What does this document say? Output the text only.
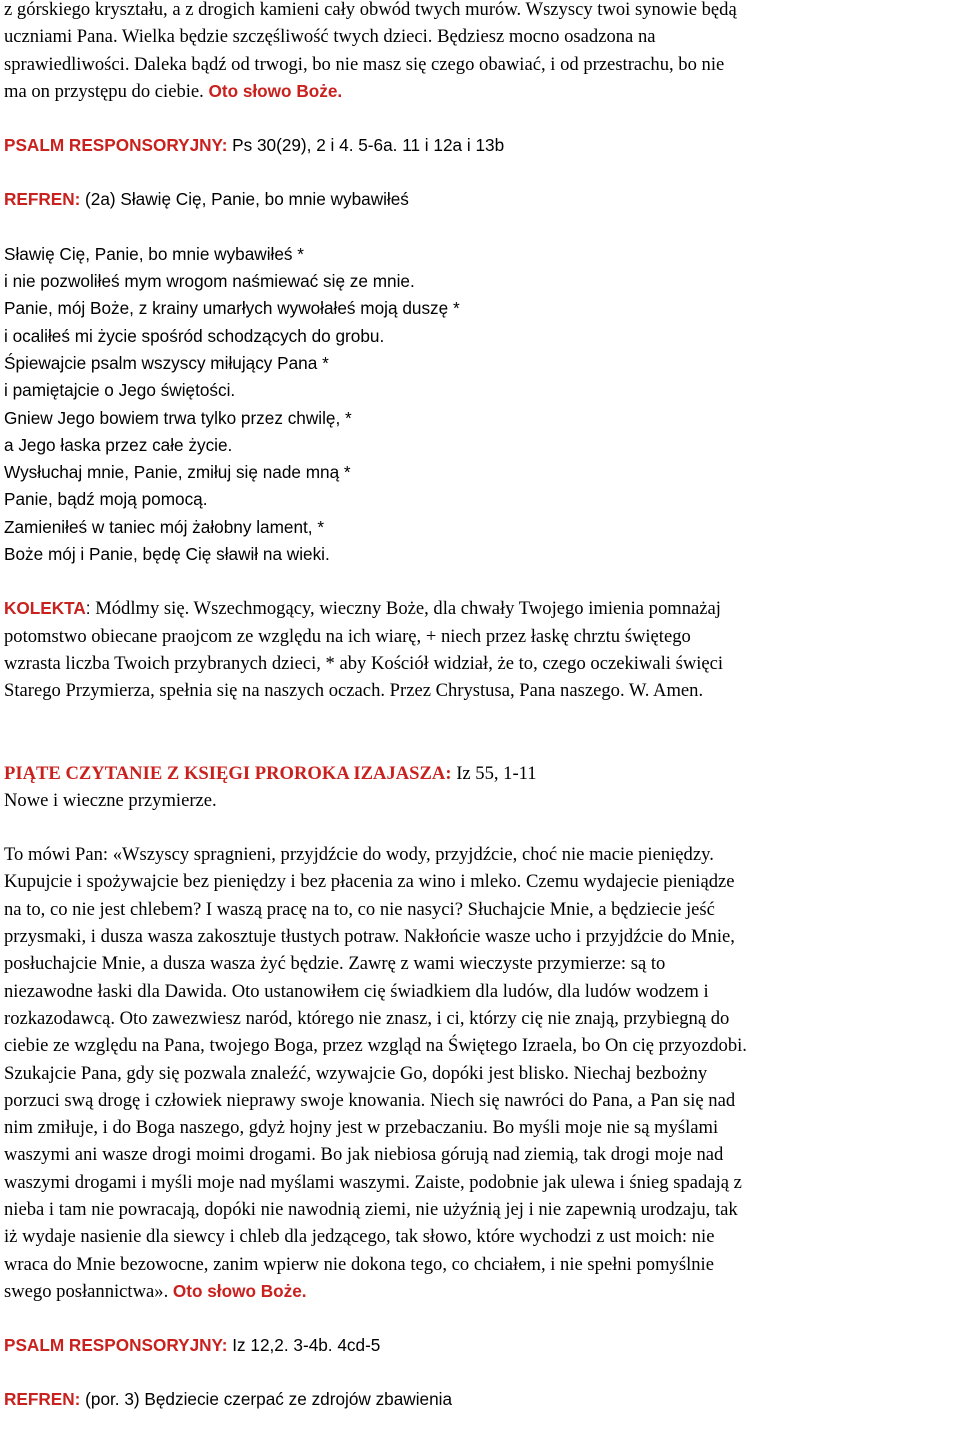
z górskiego kryształu, a z drogich kamieni cały obwód twych murów. Wszyscy twoi synowie będą
uczniami Pana. Wielka będzie szczęśliwość twych dzieci. Będziesz mocno osadzona na
sprawiedliwości. Daleka bądź od trwogi, bo nie masz się czego obawiać, i od przestrachu, bo nie
ma on przystępu do ciebie. Oto słowo Boże.
PSALM RESPONSORYJNY: Ps 30(29), 2 i 4. 5-6a. 11 i 12a i 13b
REFREN: (2a) Sławię Cię, Panie, bo mnie wybawiłeś
Sławię Cię, Panie, bo mnie wybawiłeś *
i nie pozwoliłeś mym wrogom naśmiewać się ze mnie.
Panie, mój Boże, z krainy umarłych wywołałeś moją duszę *
i ocaliłeś mi życie spośród schodzących do grobu.
Śpiewajcie psalm wszyscy miłujący Pana *
i pamiętajcie o Jego świętości.
Gniew Jego bowiem trwa tylko przez chwilę, *
a Jego łaska przez całe życie.
Wysłuchaj mnie, Panie, zmiłuj się nade mną *
Panie, bądź moją pomocą.
Zamieniłeś w taniec mój żałobny lament, *
Boże mój i Panie, będę Cię sławił na wieki.
KOLEKTA: Módlmy się. Wszechmogący, wieczny Boże, dla chwały Twojego imienia pomnażaj
potomstwo obiecane praojcom ze względu na ich wiarę, + niech przez łaskę chrztu świętego
wzrasta liczba Twoich przybranych dzieci, * aby Kościół widział, że to, czego oczekiwali święci
Starego Przymierza, spełnia się na naszych oczach. Przez Chrystusa, Pana naszego. W. Amen.
PIĄTE CZYTANIE Z KSIĘGI PROROKA IZAJASZA: Iz 55, 1-11
Nowe i wieczne przymierze.
To mówi Pan: «Wszyscy spragnieni, przyjdźcie do wody, przyjdźcie, choć nie macie pieniędzy.
Kupujcie i spożywajcie bez pieniędzy i bez płacenia za wino i mleko. Czemu wydajecie pieniądze
na to, co nie jest chlebem? I waszą pracę na to, co nie nasyci? Słuchajcie Mnie, a będziecie jeść
przysmaki, i dusza wasza zakosztuje tłustych potraw. Nakłońcie wasze ucho i przyjdźcie do Mnie,
posłuchajcie Mnie, a dusza wasza żyć będzie. Zawrę z wami wieczyste przymierze: są to
niezawodne łaski dla Dawida. Oto ustanowiłem cię świadkiem dla ludów, dla ludów wodzem i
rozkazodawcą. Oto zawezwiesz naród, którego nie znasz, i ci, którzy cię nie znają, przybiegną do
ciebie ze względu na Pana, twojego Boga, przez wzgląd na Świętego Izraela, bo On cię przyozdobi.
Szukajcie Pana, gdy się pozwala znaleźć, wzywajcie Go, dopóki jest blisko. Niechaj bezbożny
porzuci swą drogę i człowiek nieprawy swoje knowania. Niech się nawróci do Pana, a Pan się nad
nim zmiłuje, i do Boga naszego, gdyż hojny jest w przebaczaniu. Bo myśli moje nie są myślami
waszymi ani wasze drogi moimi drogami. Bo jak niebiosa górują nad ziemią, tak drogi moje nad
waszymi drogami i myśli moje nad myślami waszymi. Zaiste, podobnie jak ulewa i śnieg spadają z
nieba i tam nie powracają, dopóki nie nawodnią ziemi, nie użyźnią jej i nie zapewnią urodzaju, tak
iż wydaje nasienie dla siewcy i chleb dla jedzącego, tak słowo, które wychodzi z ust moich: nie
wraca do Mnie bezowocne, zanim wpierw nie dokona tego, co chciałem, i nie spełni pomyślnie
swego posłannictwa». Oto słowo Boże.
PSALM RESPONSORYJNY: Iz 12,2. 3-4b. 4cd-5
REFREN: (por. 3) Będziecie czerpać ze zdrojów zbawienia
